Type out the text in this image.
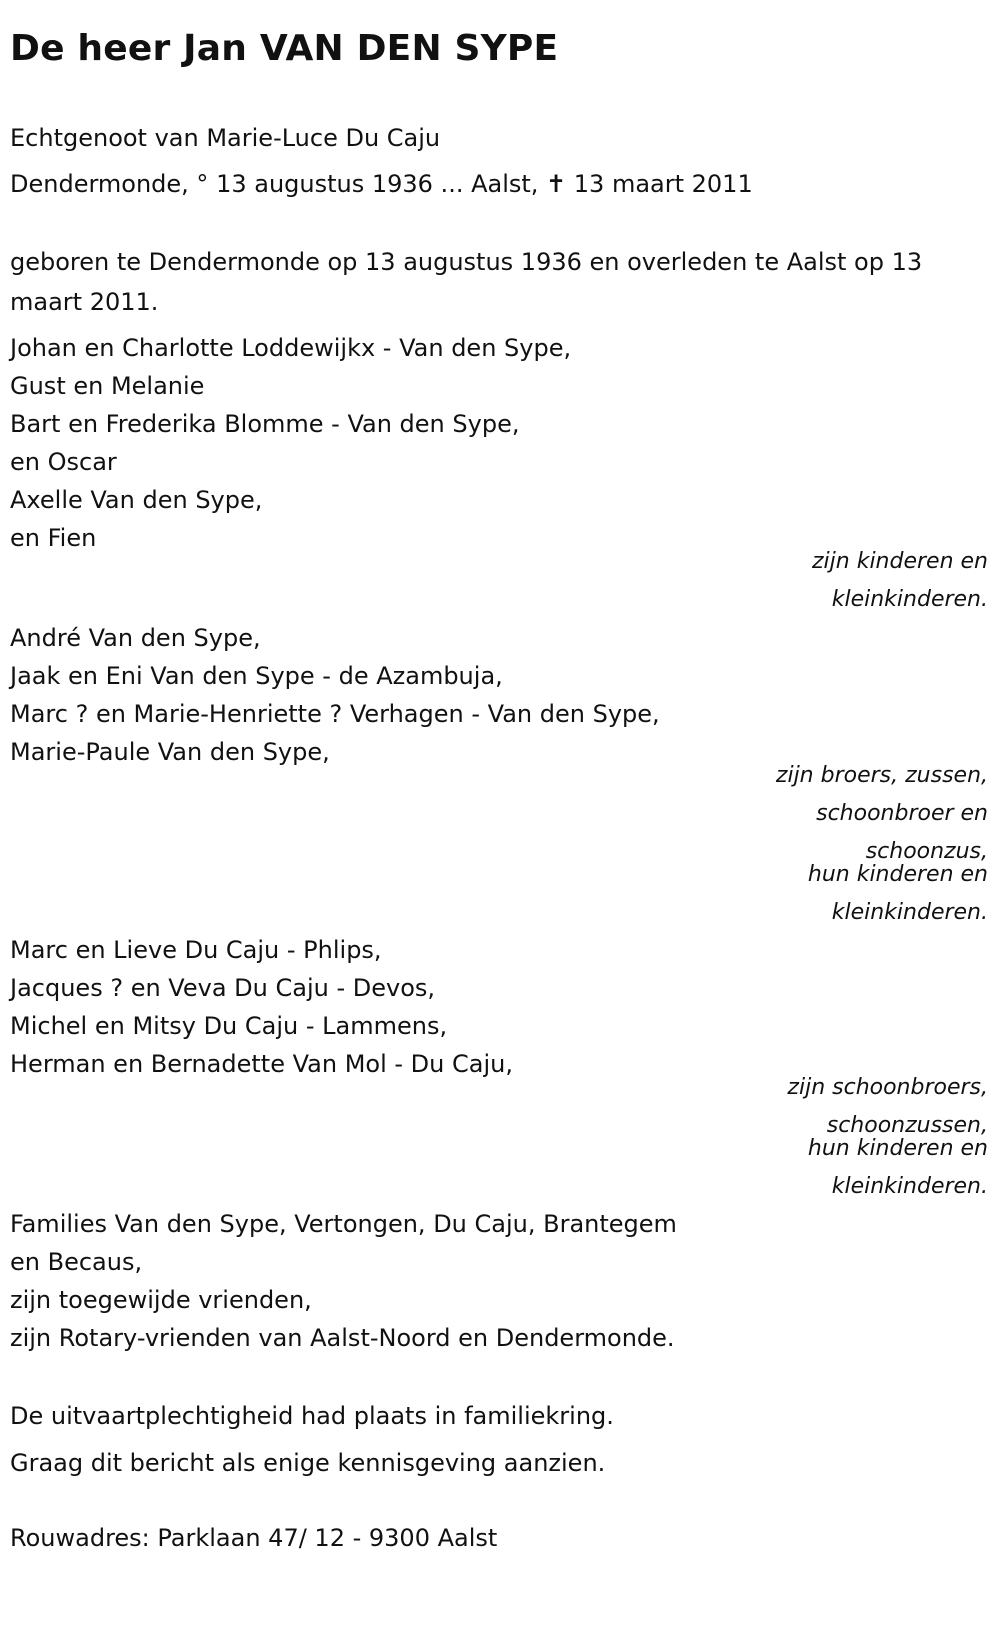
De heer Jan VAN DEN SYPE
Echtgenoot van Marie-Luce Du Caju
Dendermonde, ° 13 augustus 1936 ... Aalst, ✝ 13 maart 2011
geboren te Dendermonde op 13 augustus 1936 en overleden te Aalst op 13 maart 2011.
Johan en Charlotte Loddewijkx - Van den Sype,
Gust en Melanie
Bart en Frederika Blomme - Van den Sype,
en Oscar
Axelle Van den Sype,
en Fien
zijn kinderen en
kleinkinderen.
André Van den Sype,
Jaak en Eni Van den Sype - de Azambuja,
Marc ? en Marie-Henriette ? Verhagen - Van den Sype,
Marie-Paule Van den Sype,
zijn broers, zussen,
schoonbroer en
schoonzus,
hun kinderen en
kleinkinderen.
Marc en Lieve Du Caju - Phlips,
Jacques ? en Veva Du Caju - Devos,
Michel en Mitsy Du Caju - Lammens,
Herman en Bernadette Van Mol - Du Caju,
zijn schoonbroers,
schoonzussen,
hun kinderen en
kleinkinderen.
Families Van den Sype, Vertongen, Du Caju, Brantegem
en Becaus,
zijn toegewijde vrienden,
zijn Rotary-vrienden van Aalst-Noord en Dendermonde.
De uitvaartplechtigheid had plaats in familiekring.
Graag dit bericht als enige kennisgeving aanzien.
Rouwadres: Parklaan 47/ 12 - 9300 Aalst
